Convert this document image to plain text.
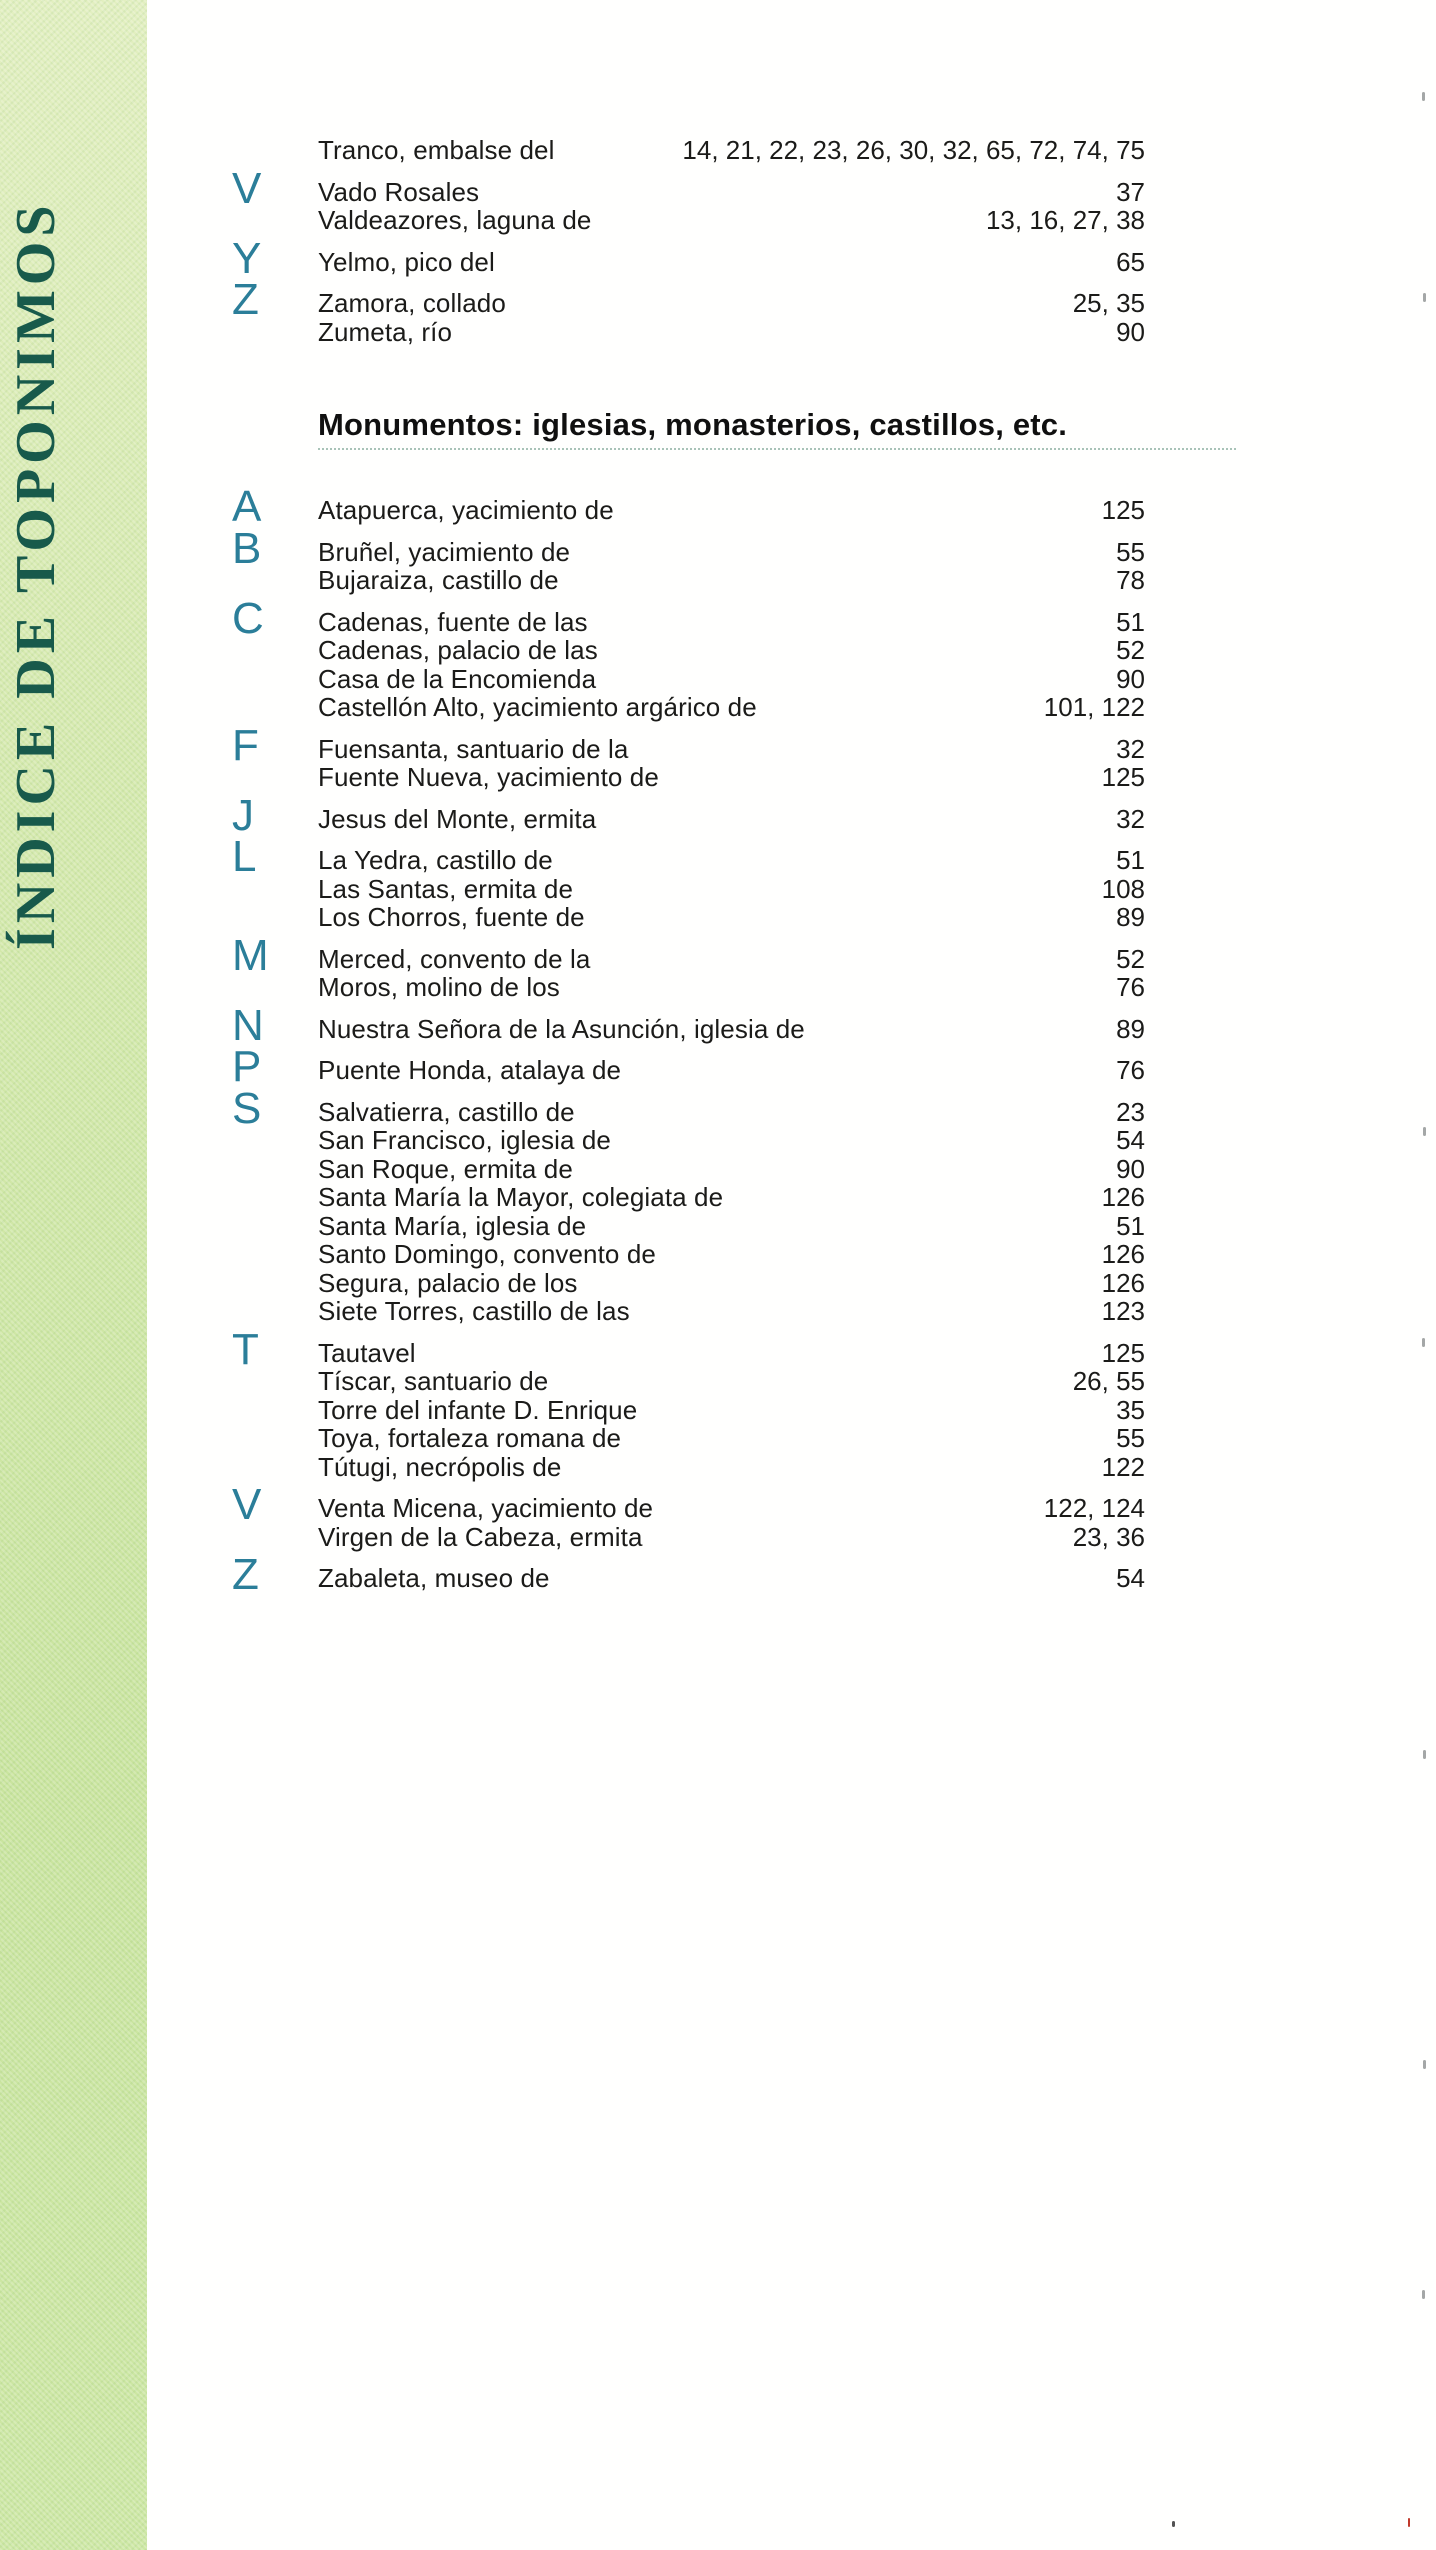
ÍNDICE DE TOPONIMOS
Tranco, embalse del	14, 21, 22, 23, 26, 30, 32, 65, 72, 74, 75
V	Vado Rosales	37
Valdeazores, laguna de	13, 16, 27, 38
Y	Yelmo, pico del	65
Z	Zamora, collado	25, 35
Zumeta, río	90
Monumentos: iglesias, monasterios, castillos, etc.
A	Atapuerca, yacimiento de	125
B	Bruñel, yacimiento de	55
Bujaraiza, castillo de	78
C	Cadenas, fuente de las	51
Cadenas, palacio de las	52
Casa de la Encomienda	90
Castellón Alto, yacimiento argárico de	101, 122
F	Fuensanta, santuario de la	32
Fuente Nueva, yacimiento de	125
J	Jesus del Monte, ermita	32
L	La Yedra, castillo de	51
Las Santas, ermita de	108
Los Chorros, fuente de	89
M	Merced, convento de la	52
Moros, molino de los	76
N	Nuestra Señora de la Asunción, iglesia de	89
P	Puente Honda, atalaya de	76
S	Salvatierra, castillo de	23
San Francisco, iglesia de	54
San Roque, ermita de	90
Santa María la Mayor, colegiata de	126
Santa María, iglesia de	51
Santo Domingo, convento de	126
Segura, palacio de los	126
Siete Torres, castillo de las	123
T	Tautavel	125
Tíscar, santuario de	26, 55
Torre del infante D. Enrique	35
Toya, fortaleza romana de	55
Tútugi, necrópolis de	122
V	Venta Micena, yacimiento de	122, 124
Virgen de la Cabeza, ermita	23, 36
Z	Zabaleta, museo de	54
